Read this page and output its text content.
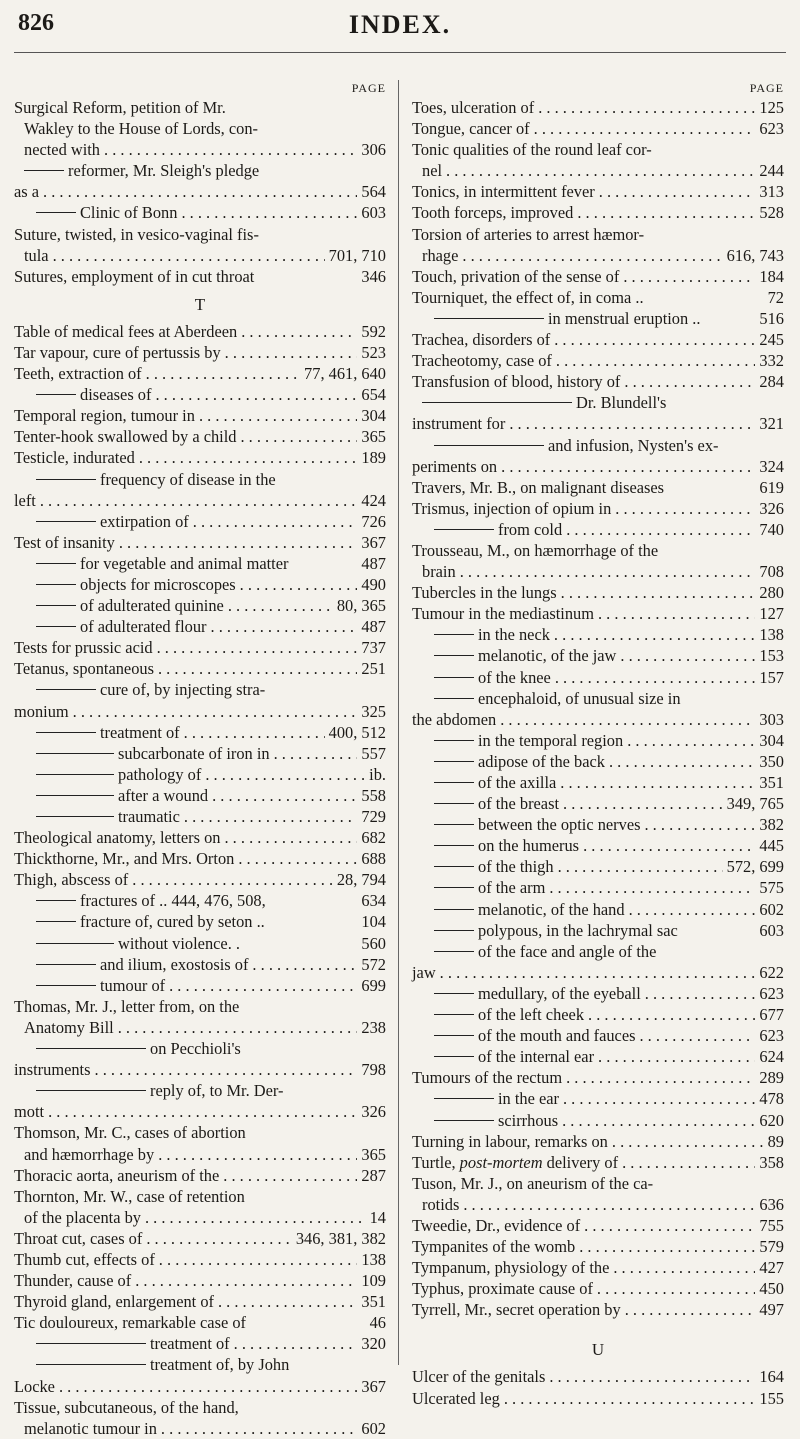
826	INDEX.
PAGE
Surgical Reform, petition of Mr.
Wakley to the House of Lords, con-
nected with . . .	306
reformer, Mr. Sleigh's pledge
as a . . .	564
Clinic of Bonn . . .	603
Suture, twisted, in vesico-vaginal fis-
tula . . .	701, 710
Sutures, employment of in cut throat	346
T
Table of medical fees at Aberdeen . . .	592
Tar vapour, cure of pertussis by . . .	523
Teeth, extraction of . . .	77, 461, 640
diseases of . . .	654
Temporal region, tumour in . . .	304
Tenter-hook swallowed by a child . . .	365
Testicle, indurated . . .	189
frequency of disease in the
left . . .	424
extirpation of . . .	726
Test of insanity . . .	367
for vegetable and animal matter	487
objects for microscopes . . .	490
of adulterated quinine . . .	80, 365
of adulterated flour . . .	487
Tests for prussic acid . . .	737
Tetanus, spontaneous . . .	251
cure of, by injecting stra-
monium . . .	325
treatment of . . .	400, 512
subcarbonate of iron in . . .	557
pathology of . . .	ib.
after a wound . . .	558
traumatic . . .	729
Theological anatomy, letters on . . .	682
Thickthorne, Mr., and Mrs. Orton . . .	688
Thigh, abscess of . . .	28, 794
fractures of .. 444, 476, 508,	634
fracture of, cured by seton ..	104
without violence. .	560
and ilium, exostosis of . . .	572
tumour of . . .	699
Thomas, Mr. J., letter from, on the
Anatomy Bill . . .	238
on Pecchioli's
instruments . . .	798
reply of, to Mr. Der-
mott . . .	326
Thomson, Mr. C., cases of abortion
and hæmorrhage by . . .	365
Thoracic aorta, aneurism of the . . .	287
Thornton, Mr. W., case of retention
of the placenta by . . .	14
Throat cut, cases of . . .	346, 381, 382
Thumb cut, effects of . . .	138
Thunder, cause of . . .	109
Thyroid gland, enlargement of . . .	351
Tic douloureux, remarkable case of	46
treatment of . . .	320
treatment of, by John
Locke . . .	367
Tissue, subcutaneous, of the hand,
melanotic tumour in . . .	602
PAGE
Toes, ulceration of . . .	125
Tongue, cancer of . . .	623
Tonic qualities of the round leaf cor-
nel . . .	244
Tonics, in intermittent fever . . .	313
Tooth forceps, improved . . .	528
Torsion of arteries to arrest hæmor-
rhage . . .	616, 743
Touch, privation of the sense of . . .	184
Tourniquet, the effect of, in coma ..	72
in menstrual eruption ..	516
Trachea, disorders of . . .	245
Tracheotomy, case of . . .	332
Transfusion of blood, history of . . .	284
Dr. Blundell's
instrument for . . .	321
and infusion, Nysten's ex-
periments on . . .	324
Travers, Mr. B., on malignant diseases	619
Trismus, injection of opium in . . .	326
from cold . . .	740
Trousseau, M., on hæmorrhage of the
brain . . .	708
Tubercles in the lungs . . .	280
Tumour in the mediastinum . . .	127
in the neck . . .	138
melanotic, of the jaw . . .	153
of the knee . . .	157
encephaloid, of unusual size in
the abdomen . . .	303
in the temporal region . . .	304
adipose of the back . . .	350
of the axilla . . .	351
of the breast . . .	349, 765
between the optic nerves . . .	382
on the humerus . . .	445
of the thigh . . .	572, 699
of the arm . . .	575
melanotic, of the hand . . .	602
polypous, in the lachrymal sac	603
of the face and angle of the
jaw . . .	622
medullary, of the eyeball . . .	623
of the left cheek . . .	677
of the mouth and fauces . . .	623
of the internal ear . . .	624
Tumours of the rectum . . .	289
in the ear . . .	478
scirrhous . . .	620
Turning in labour, remarks on . . .	89
Turtle, post-mortem delivery of . . .	358
Tuson, Mr. J., on aneurism of the ca-
rotids . . .	636
Tweedie, Dr., evidence of . . .	755
Tympanites of the womb . . .	579
Tympanum, physiology of the . . .	427
Typhus, proximate cause of . . .	450
Tyrrell, Mr., secret operation by . . .	497
U
Ulcer of the genitals . . .	164
Ulcerated leg . . .	155
